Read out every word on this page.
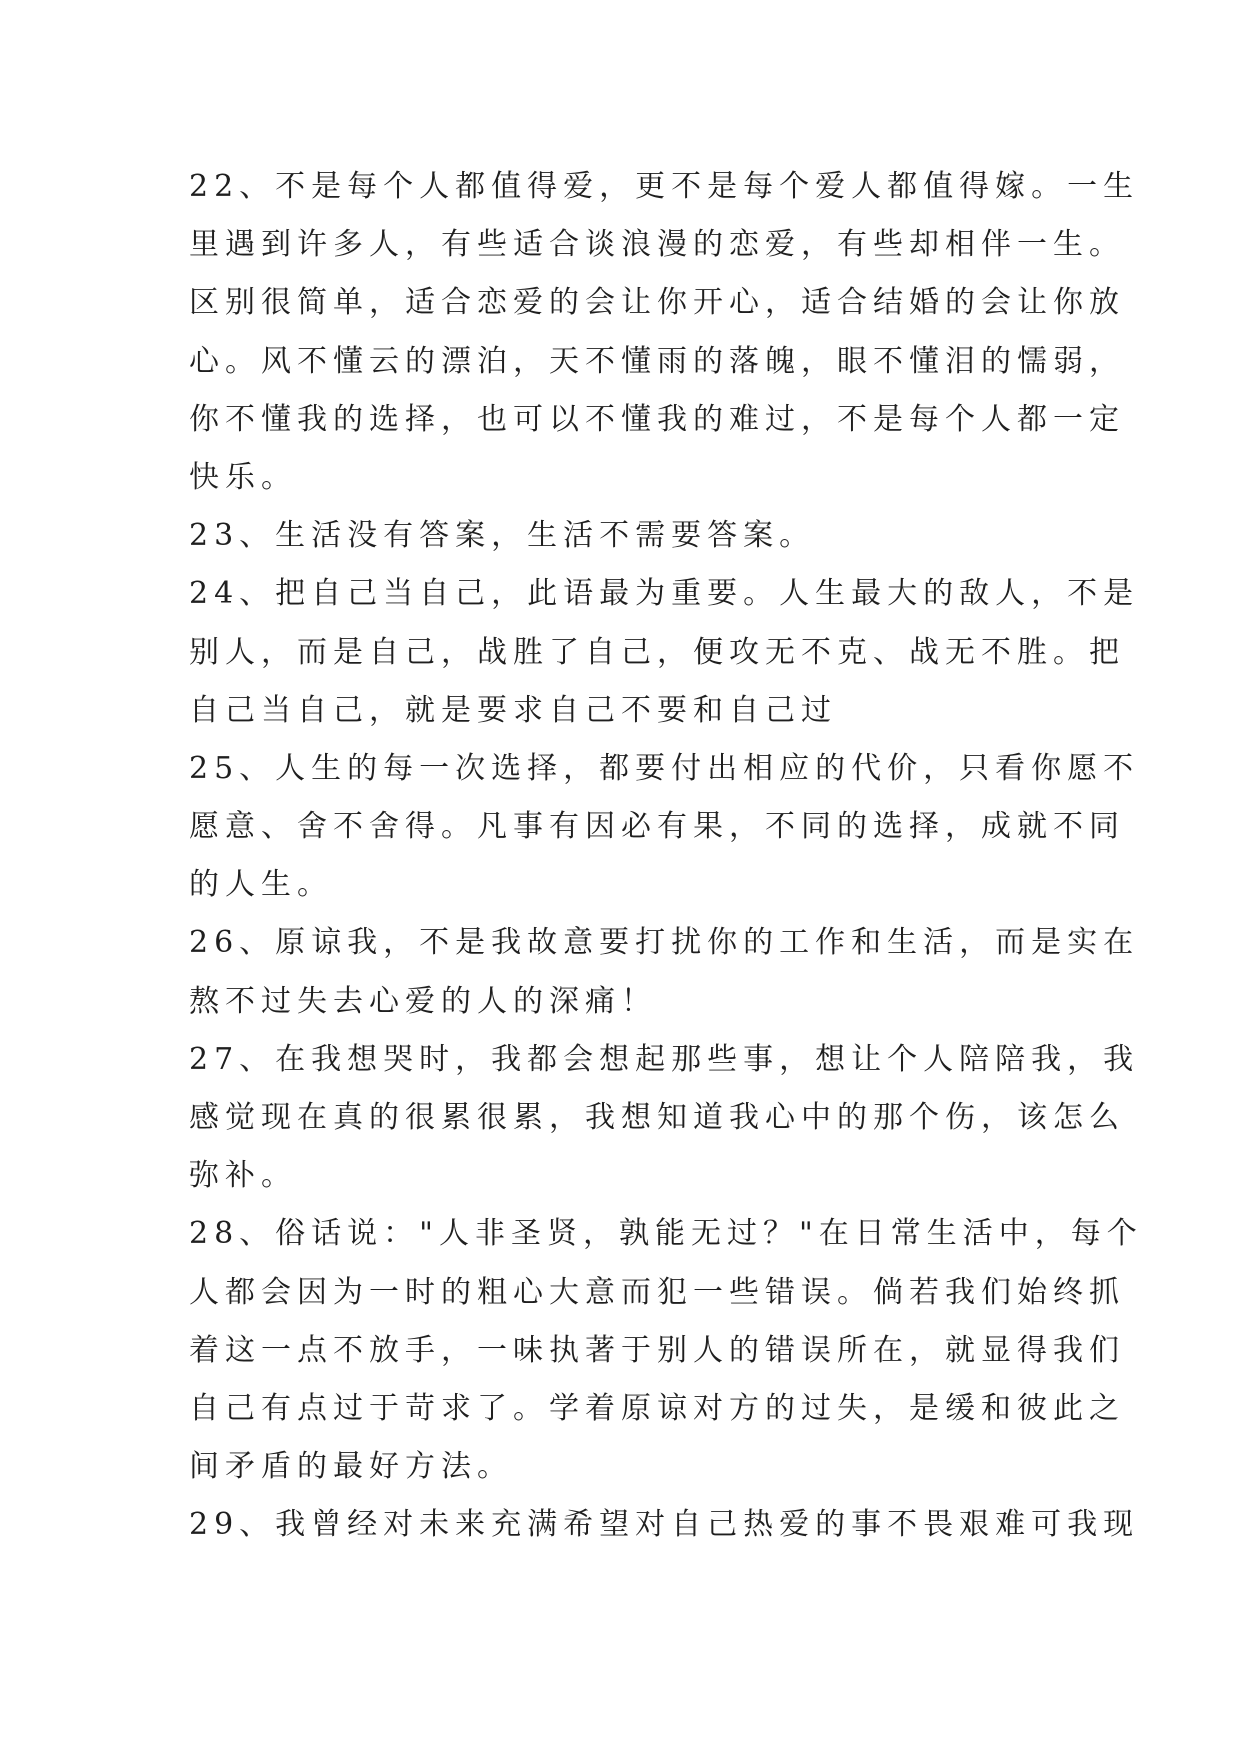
22、不是每个人都值得爱，更不是每个爱人都值得嫁。一生
里遇到许多人，有些适合谈浪漫的恋爱，有些却相伴一生。
区别很简单，适合恋爱的会让你开心，适合结婚的会让你放
心。风不懂云的漂泊，天不懂雨的落魄，眼不懂泪的懦弱，
你不懂我的选择，也可以不懂我的难过，不是每个人都一定
快乐。
23、生活没有答案，生活不需要答案。
24、把自己当自己，此语最为重要。人生最大的敌人，不是
别人，而是自己，战胜了自己，便攻无不克、战无不胜。把
自己当自己，就是要求自己不要和自己过
25、人生的每一次选择，都要付出相应的代价，只看你愿不
愿意、舍不舍得。凡事有因必有果，不同的选择，成就不同
的人生。
26、原谅我，不是我故意要打扰你的工作和生活，而是实在
熬不过失去心爱的人的深痛！
27、在我想哭时，我都会想起那些事，想让个人陪陪我，我
感觉现在真的很累很累，我想知道我心中的那个伤，该怎么
弥补。
28、俗话说："人非圣贤，孰能无过？"在日常生活中，每个
人都会因为一时的粗心大意而犯一些错误。倘若我们始终抓
着这一点不放手，一味执著于别人的错误所在，就显得我们
自己有点过于苛求了。学着原谅对方的过失，是缓和彼此之
间矛盾的最好方法。
29、我曾经对未来充满希望对自己热爱的事不畏艰难可我现
